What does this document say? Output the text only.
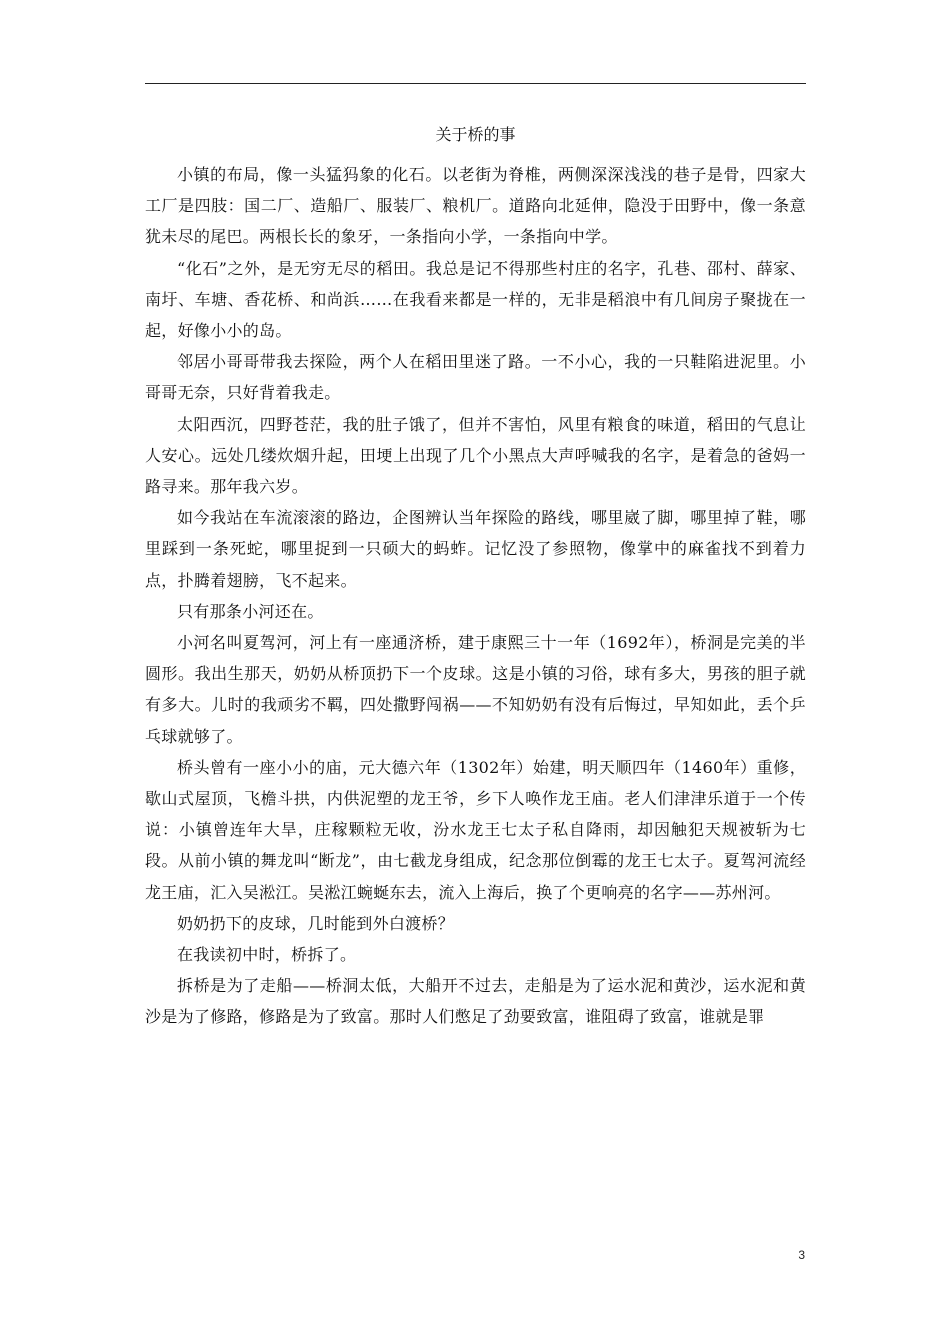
关于桥的事

小镇的布局，像一头猛犸象的化石。以老街为脊椎，两侧深深浅浅的巷子是骨，四家大工厂是四肢：国二厂、造船厂、服装厂、粮机厂。道路向北延伸，隐没于田野中，像一条意犹未尽的尾巴。两根长长的象牙，一条指向小学，一条指向中学。

“化石”之外，是无穷无尽的稻田。我总是记不得那些村庄的名字，孔巷、邵村、薛家、南圩、车塘、香花桥、和尚浜……在我看来都是一样的，无非是稻浪中有几间房子聚拢在一起，好像小小的岛。

邻居小哥哥带我去探险，两个人在稻田里迷了路。一不小心，我的一只鞋陷进泥里。小哥哥无奈，只好背着我走。

太阳西沉，四野苍茫，我的肚子饿了，但并不害怕，风里有粮食的味道，稻田的气息让人安心。远处几缕炊烟升起，田埂上出现了几个小黑点大声呼喊我的名字，是着急的爸妈一路寻来。那年我六岁。

如今我站在车流滚滚的路边，企图辨认当年探险的路线，哪里崴了脚，哪里掉了鞋，哪里踩到一条死蛇，哪里捉到一只硕大的蚂蚱。记忆没了参照物，像掌中的麻雀找不到着力点，扑腾着翅膀，飞不起来。

只有那条小河还在。

小河名叫夏驾河，河上有一座通济桥，建于康熙三十一年（1692年），桥洞是完美的半圆形。我出生那天，奶奶从桥顶扔下一个皮球。这是小镇的习俗，球有多大，男孩的胆子就有多大。儿时的我顽劣不羁，四处撒野闯祸——不知奶奶有没有后悔过，早知如此，丢个乒乓球就够了。

桥头曾有一座小小的庙，元大德六年（1302年）始建，明天顺四年（1460年）重修，歇山式屋顶，飞檐斗拱，内供泥塑的龙王爷，乡下人唤作龙王庙。老人们津津乐道于一个传说：小镇曾连年大旱，庄稼颗粒无收，汾水龙王七太子私自降雨，却因触犯天规被斩为七段。从前小镇的舞龙叫“断龙”，由七截龙身组成，纪念那位倒霉的龙王七太子。夏驾河流经龙王庙，汇入吴淞江。吴淞江蜿蜒东去，流入上海后，换了个更响亮的名字——苏州河。

奶奶扔下的皮球，几时能到外白渡桥？

在我读初中时，桥拆了。

拆桥是为了走船——桥洞太低，大船开不过去，走船是为了运水泥和黄沙，运水泥和黄沙是为了修路，修路是为了致富。那时人们憋足了劲要致富，谁阻碍了致富，谁就是罪

3
